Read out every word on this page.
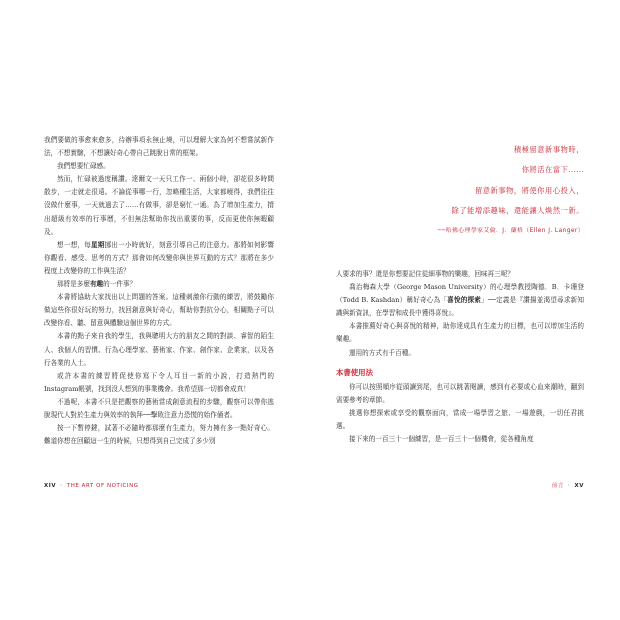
我們要做的事愈來愈多，待辦事項永無止境，可以理解大家為何不想嘗試新作法，不想實驗，不想讓好奇心帶自己跳脫日常的框架。

我們想要忙碌感。

然而，忙碌被過度稱讚。達爾文一天只工作一、兩個小時，卻花很多時間散步，一走就走很遠。不論從事哪一行，忽略種生活，大家都曉得，我們往往沒做什麼事，一天就過去了……有做事，卻是窮忙一通。為了增加生產力，揹出超級有效率的行事曆，不但無法幫助你找出重要的事，反而更使你無暇顧及。

想一想，每星期挪出一小時就好，刻意引導自己的注意力。那將如何影響你觀看、感受、思考的方式？那會如何改變你與世界互動的方式？那將在多少程度上改變你的工作與生活？

那將是多麼有趣的一件事？

本書將協助大家找出以上問題的答案。這種刺激你行動的練習，將鼓勵你做這些你很好玩的努力，找回創意與好奇心，幫助你對抗分心，相關點子可以改變你看、聽、留意與體驗這個世界的方式。

本書的點子來自我的學生，我與聰明大方的朋友之間的對談、睿智的陌生人、我個人的習慣、行為心理學家、藝術家、作家、創作家、企業家，以及各行各業的人士。

或許本書的練習將促使你寫下令人耳目一新的小說，打造熱門的Instagram帳號，找到沒人想到的事業機會。我希望那一切都會成真！

不過呢，本書不只是把觀察的藝術當成創意流程的步驟，觀察可以帶你逃脫現代人對於生產力與效率的執拜──擊敗注意力恐慌的始作俑者。

按一下暫停鍵，試著不必隨時都那麼有生產力，努力擁有多一點好奇心。難道你想在回顧這一生的時候，只想得到自己完成了多少別

XIV ・ THE ART OF NOTICING
積極留意新事物時，
你將活在當下……
留意新事物，將使你用心投入，
除了能增添趣味，還能讓人煥然一新。
──哈佛心理學家艾倫．J．蘭格（Ellen J. Langer）

人要求的事？還是你想要記住從細事物的樂趣，回味再三呢？

喬治梅森大學（George Mason University）的心理學教授陶德．B．卡珊登（Todd B. Kashdan）稱好奇心為「喜悅的探索」──定義是『讚揚並渴望尋求新知識與新資訊，在學習和成長中獲得喜悅』。

本書推薦好奇心與喜悅的精神，助你達成具有生產力的目標，也可以增加生活的樂趣。

運用的方式有千百種。

本書使用法

你可以按照順序從頭讀到尾，也可以跳著閱讀，感到有必要或心血來潮時，翻到需要參考的章節。

挑選你想探索或享受的觀察面向，當成一場學習之旅、一場遊戲，一切任君挑選。

接下來的一百三十一個練習，是一百三十一個機會，從各種角度

前言 ・ XV
